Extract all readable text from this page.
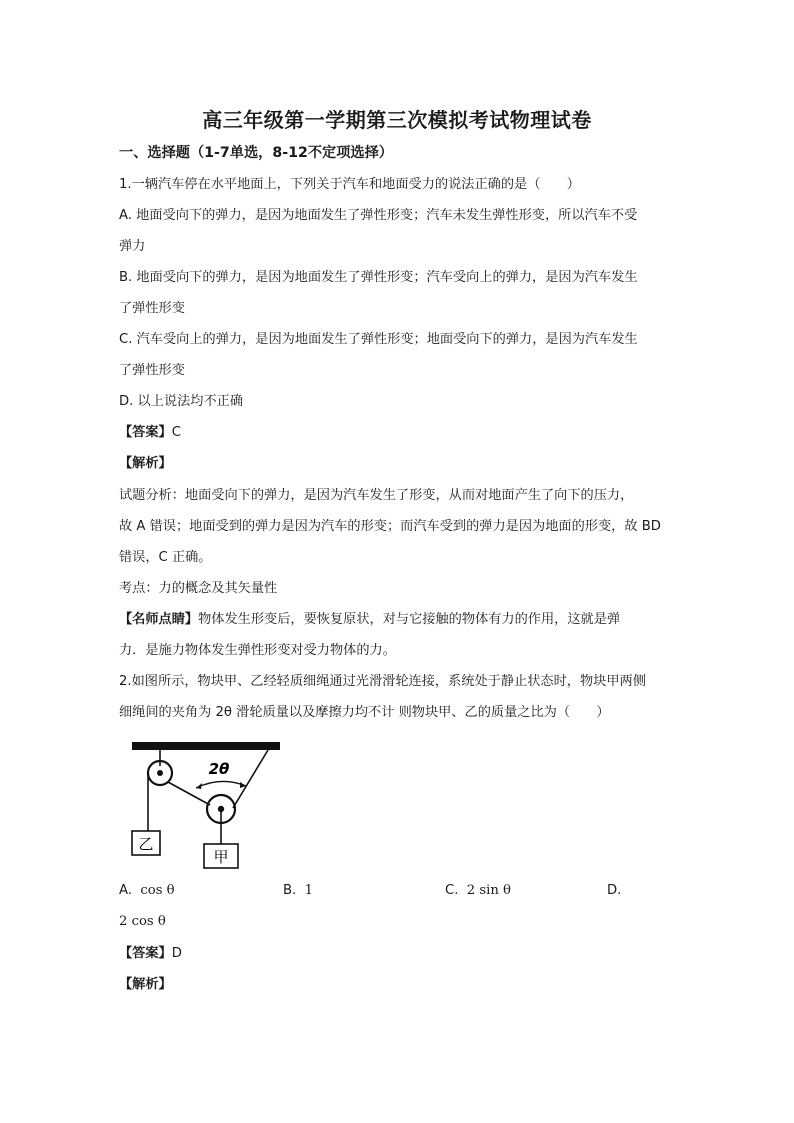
高三年级第一学期第三次模拟考试物理试卷
一、选择题（1-7单选，8-12不定项选择）
1.一辆汽车停在水平地面上，下列关于汽车和地面受力的说法正确的是（　　）
A. 地面受向下的弹力，是因为地面发生了弹性形变；汽车未发生弹性形变，所以汽车不受
弹力
B. 地面受向下的弹力，是因为地面发生了弹性形变；汽车受向上的弹力，是因为汽车发生
了弹性形变
C. 汽车受向上的弹力，是因为地面发生了弹性形变；地面受向下的弹力，是因为汽车发生
了弹性形变
D. 以上说法均不正确
【答案】C
【解析】
试题分析：地面受向下的弹力，是因为汽车发生了形变，从而对地面产生了向下的压力，
故 A 错误；地面受到的弹力是因为汽车的形变；而汽车受到的弹力是因为地面的形变，故 BD
错误，C 正确。
考点：力的概念及其矢量性
【名师点睛】物体发生形变后，要恢复原状，对与它接触的物体有力的作用，这就是弹
力．是施力物体发生弹性形变对受力物体的力。
2.如图所示，物块甲、乙经轻质细绳通过光滑滑轮连接，系统处于静止状态时，物块甲两侧
细绳间的夹角为 2θ 滑轮质量以及摩擦力均不计 则物块甲、乙的质量之比为（　　）
乙
甲
2θ
A. cos θ	B. 1	C. 2 sin θ	D.
2 cos θ
【答案】D
【解析】
